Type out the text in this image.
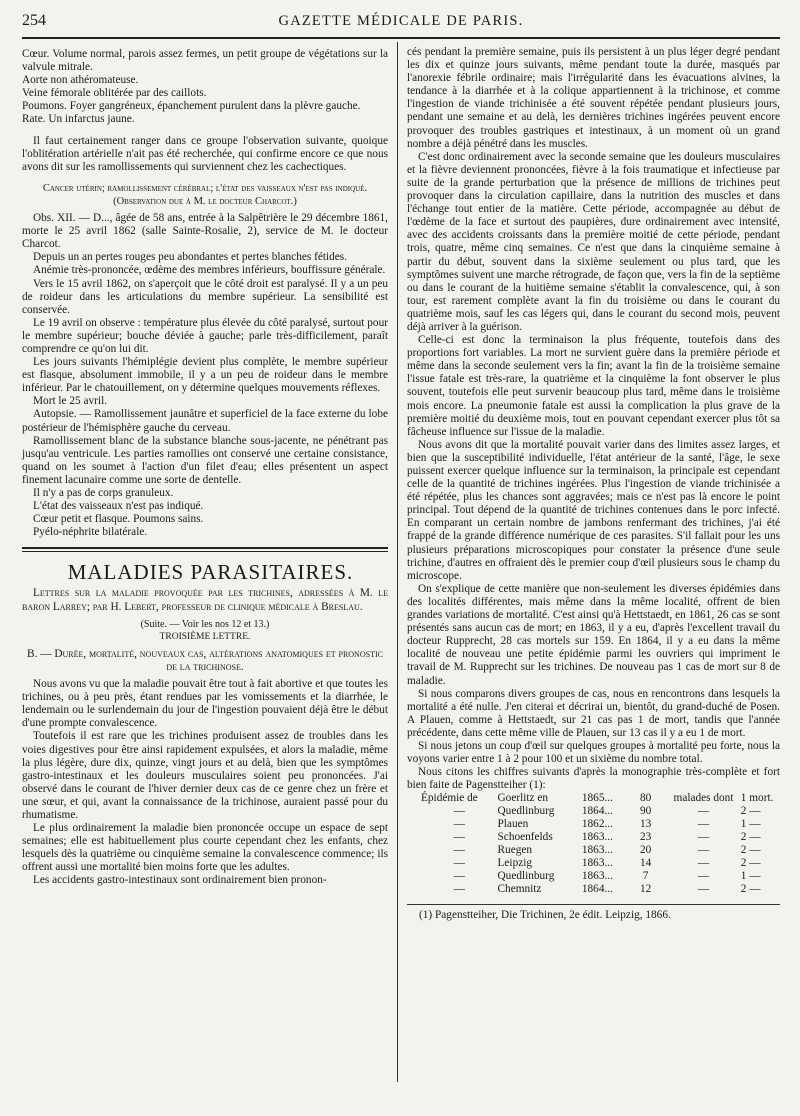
254	GAZETTE MÉDICALE DE PARIS.

Cœur. Volume normal, parois assez fermes, un petit groupe de végétations sur la valvule mitrale.

Aorte non athéromateuse.

Veine fémorale oblitérée par des caillots.

Poumons. Foyer gangréneux, épanchement purulent dans la plèvre gauche.

Rate. Un infarctus jaune.

Il faut certainement ranger dans ce groupe l'observation suivante, quoique l'oblitération artérielle n'ait pas été recherchée, qui confirme encore ce que nous avons dit sur les ramollissements qui surviennent chez les cachectiques.

Cancer utérin; ramollissement cérébral; l'état des vaisseaux n'est pas indiqué. (Observation due à M. le docteur Charcot.)

Obs. XII. — D..., âgée de 58 ans, entrée à la Salpêtrière le 29 décembre 1861, morte le 25 avril 1862 (salle Sainte-Rosalie, 2), service de M. le docteur Charcot.

Depuis un an pertes rouges peu abondantes et pertes blanches fétides.

Anémie très-prononcée, œdème des membres inférieurs, bouffissure générale.

Vers le 15 avril 1862, on s'aperçoit que le côté droit est paralysé. Il y a un peu de roideur dans les articulations du membre supérieur. La sensibilité est conservée.

Le 19 avril on observe : température plus élevée du côté paralysé, surtout pour le membre supérieur; bouche déviée à gauche; parle très-difficilement, paraît comprendre ce qu'on lui dit.

Les jours suivants l'hémiplégie devient plus complète, le membre supérieur est flasque, absolument immobile, il y a un peu de roideur dans le membre inférieur. Par le chatouillement, on y détermine quelques mouvements réflexes.

Mort le 25 avril.

Autopsie. — Ramollissement jaunâtre et superficiel de la face externe du lobe postérieur de l'hémisphère gauche du cerveau.

Ramollissement blanc de la substance blanche sous-jacente, ne pénétrant pas jusqu'au ventricule. Les parties ramollies ont conservé une certaine consistance, quand on les soumet à l'action d'un filet d'eau; elles présentent un aspect finement lacunaire comme une sorte de dentelle.

Il n'y a pas de corps granuleux.

L'état des vaisseaux n'est pas indiqué.

Cœur petit et flasque. Poumons sains.

Pyélo-néphrite bilatérale.

MALADIES PARASITAIRES.

Lettres sur la maladie provoquée par les trichines, adressées à M. le baron Larrey; par H. Lebert, professeur de clinique médicale à Breslau.

(Suite. — Voir les nos 12 et 13.)

TROISIÈME LETTRE.

B. — Durée, mortalité, nouveaux cas, altérations anatomiques et pronostic de la trichinose.

Nous avons vu que la maladie pouvait être tout à fait abortive et que toutes les trichines, ou à peu près, étant rendues par les vomissements et la diarrhée, le lendemain ou le surlendemain du jour de l'ingestion pouvaient déjà être le début d'une prompte convalescence.

Toutefois il est rare que les trichines produisent assez de troubles dans les voies digestives pour être ainsi rapidement expulsées, et alors la maladie, même la plus légère, dure dix, quinze, vingt jours et au delà, bien que les symptômes gastro-intestinaux et les douleurs musculaires soient peu prononcées. J'ai observé dans le courant de l'hiver dernier deux cas de ce genre chez un frère et une sœur, et qui, avant la connaissance de la trichinose, auraient passé pour du rhumatisme.

Le plus ordinairement la maladie bien prononcée occupe un espace de sept semaines; elle est habituellement plus courte cependant chez les enfants, chez lesquels dès la quatrième ou cinquième semaine la convalescence commence; ils offrent aussi une mortalité bien moins forte que les adultes.

Les accidents gastro-intestinaux sont ordinairement bien pronon-

cés pendant la première semaine, puis ils persistent à un plus léger degré pendant les dix et quinze jours suivants, même pendant toute la durée, masqués par l'anorexie fébrile ordinaire; mais l'irrégularité dans les évacuations alvines, la tendance à la diarrhée et à la colique appartiennent à la trichinose, et comme l'ingestion de viande trichinisée a été souvent répétée pendant plusieurs jours, pendant une semaine et au delà, les dernières trichines ingérées peuvent encore provoquer des troubles gastriques et intestinaux, à un moment où un grand nombre a déjà pénétré dans les muscles.

C'est donc ordinairement avec la seconde semaine que les douleurs musculaires et la fièvre deviennent prononcées, fièvre à la fois traumatique et infectieuse par suite de la grande perturbation que la présence de millions de trichines peut provoquer dans la circulation capillaire, dans la nutrition des muscles et dans l'échange tout entier de la matière. Cette période, accompagnée au début de l'œdème de la face et surtout des paupières, dure ordinairement avec intensité, avec des accidents croissants dans la première moitié de cette période, pendant trois, quatre, même cinq semaines. Ce n'est que dans la cinquième semaine à partir du début, souvent dans la sixième seulement ou plus tard, que les symptômes suivent une marche rétrograde, de façon que, vers la fin de la septième ou dans le courant de la huitième semaine s'établit la convalescence, qui, à son tour, est rarement complète avant la fin du troisième ou dans le courant du quatrième mois, sauf les cas légers qui, dans le courant du second mois, peuvent déjà arriver à la guérison.

Celle-ci est donc la terminaison la plus fréquente, toutefois dans des proportions fort variables. La mort ne survient guère dans la première période et même dans la seconde seulement vers la fin; avant la fin de la troisième semaine l'issue fatale est très-rare, la quatrième et la cinquième la font observer le plus souvent, toutefois elle peut survenir beaucoup plus tard, même dans le troisième mois encore. La pneumonie fatale est aussi la complication la plus grave de la première moitié du deuxième mois, tout en pouvant cependant exercer plus tôt sa fâcheuse influence sur l'issue de la maladie.

Nous avons dit que la mortalité pouvait varier dans des limites assez larges, et bien que la susceptibilité individuelle, l'état antérieur de la santé, l'âge, le sexe puissent exercer quelque influence sur la terminaison, la principale est cependant celle de la quantité de trichines ingérées. Plus l'ingestion de viande trichinisée a été répétée, plus les chances sont aggravées; mais ce n'est pas là encore le point principal. Tout dépend de la quantité de trichines contenues dans le porc infecté. En comparant un certain nombre de jambons renfermant des trichines, j'ai été frappé de la grande différence numérique de ces parasites. S'il fallait pour les uns plusieurs préparations microscopiques pour constater la présence d'une seule trichine, d'autres en offraient dès le premier coup d'œil plusieurs sous le champ du microscope.

On s'explique de cette manière que non-seulement les diverses épidémies dans des localités différentes, mais même dans la même localité, offrent de bien grandes variations de mortalité. C'est ainsi qu'à Hettstaedt, en 1861, 26 cas se sont présentés sans aucun cas de mort; en 1863, il y a eu, d'après l'excellent travail du docteur Rupprecht, 28 cas mortels sur 159. En 1864, il y a eu dans la même localité de nouveau une petite épidémie parmi les ouvriers qui impriment le travail de M. Rupprecht sur les trichines. De nouveau pas 1 cas de mort sur 8 de maladie.

Si nous comparons divers groupes de cas, nous en rencontrons dans lesquels la mortalité a été nulle. J'en citerai et décrirai un, bientôt, du grand-duché de Posen. A Plauen, comme à Hettstaedt, sur 21 cas pas 1 de mort, tandis que l'année précédente, dans cette même ville de Plauen, sur 13 cas il y a eu 1 de mort.

Si nous jetons un coup d'œil sur quelques groupes à mortalité peu forte, nous la voyons varier entre 1 à 2 pour 100 et un sixième du nombre total.

Nous citons les chiffres suivants d'après la monographie très-complète et fort bien faite de Pagenstteiher (1):

Épidémie de	Goerlitz en	1865...	80	malades dont 1 mort.
—	Quedlinburg	1864...	90	—	2 —
—	Plauen	1862...	13	—	1 —
—	Schoenfelds	1863...	23	—	2 —
—	Ruegen	1863...	20	—	2 —
—	Leipzig	1863...	14	—	2 —
—	Quedlinburg	1863...	7	—	1 —
—	Chemnitz	1864...	12	—	2 —
(1) Pagenstteiher, Die Trichinen, 2e édit. Leipzig, 1866.
